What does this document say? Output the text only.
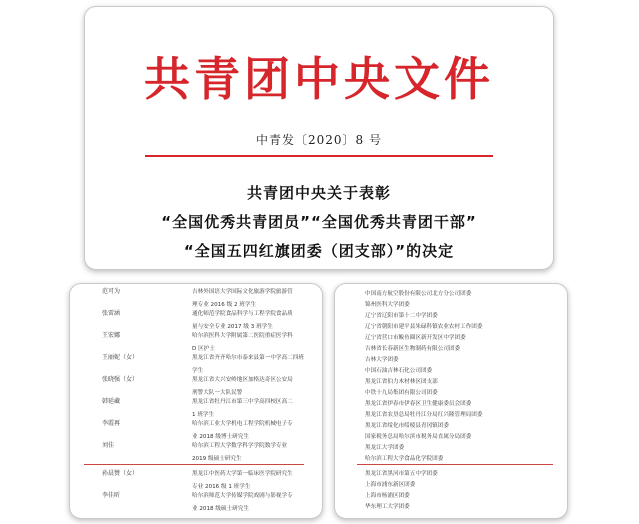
共青团中央文件
中青发〔2020〕8 号
共青团中央关于表彰
“全国优秀共青团员”“全国优秀共青团干部”
“全国五四红旗团委（团支部）”的决定
范可为	吉林外国语大学国际文化旅游学院旅游管
理专业 2016 级 2 班学生
张雷涵	通化师范学院食品科学与工程学院食品质
量与安全专业 2017 级 3 班学生
王宏娜	哈尔滨医科大学附属第二医院重症医学科
D 区护士
王丽妮（女）	黑龙江省齐齐哈尔市泰来县第一中学高二四班
学生
张晓强（女）	黑龙江省大兴安岭地区加格达奇区公安局
刑警大队一大队民警
韩延藏	黑龙江省牡丹江市第三中学高四校区高二
1 班学生
李霞再	哈尔滨工业大学机电工程学院机械电子专
业 2018 级博士研究生
刘佳	哈尔滨工程大学数学科学学院数学专业
2019 级硕士研究生
孙晨赞（女）	黑龙江中医药大学第一临床医学院研究生
专业 2016 级 1 班学生
李佳昕	哈尔滨师范大学传媒学院戏剧与影视学专
业 2018 级硕士研究生
中国南方航空股份有限公司北方分公司团委
锦州医科大学团委
辽宁省辽阳市第十二中学团委
辽宁省朝阳市建平县朱碌科镇农业农村工作团委
辽宁省营口市鲅鱼圈区新开发区中学团委
吉林省长春新区生物制药有限公司团委
吉林大学团委
中国石油吉林石化公司团委
黑龙江省伯力木材林区团支部
中铁十九局集团有限公司团委
黑龙江省伊春市伊春区卫生健康委员会团委
黑龙江省农垦总局牡丹江分局红兴隆管理局团委
黑龙江省绥化市绥棱县青冈镇团委
国家税务总局哈尔滨市税务局直属分局团委
黑龙江大学团委
哈尔滨工程大学食品化学院团委
黑龙江省黑河市第五中学团委
上海市浦东新区团委
上海市杨浦区团委
华东理工大学团委
